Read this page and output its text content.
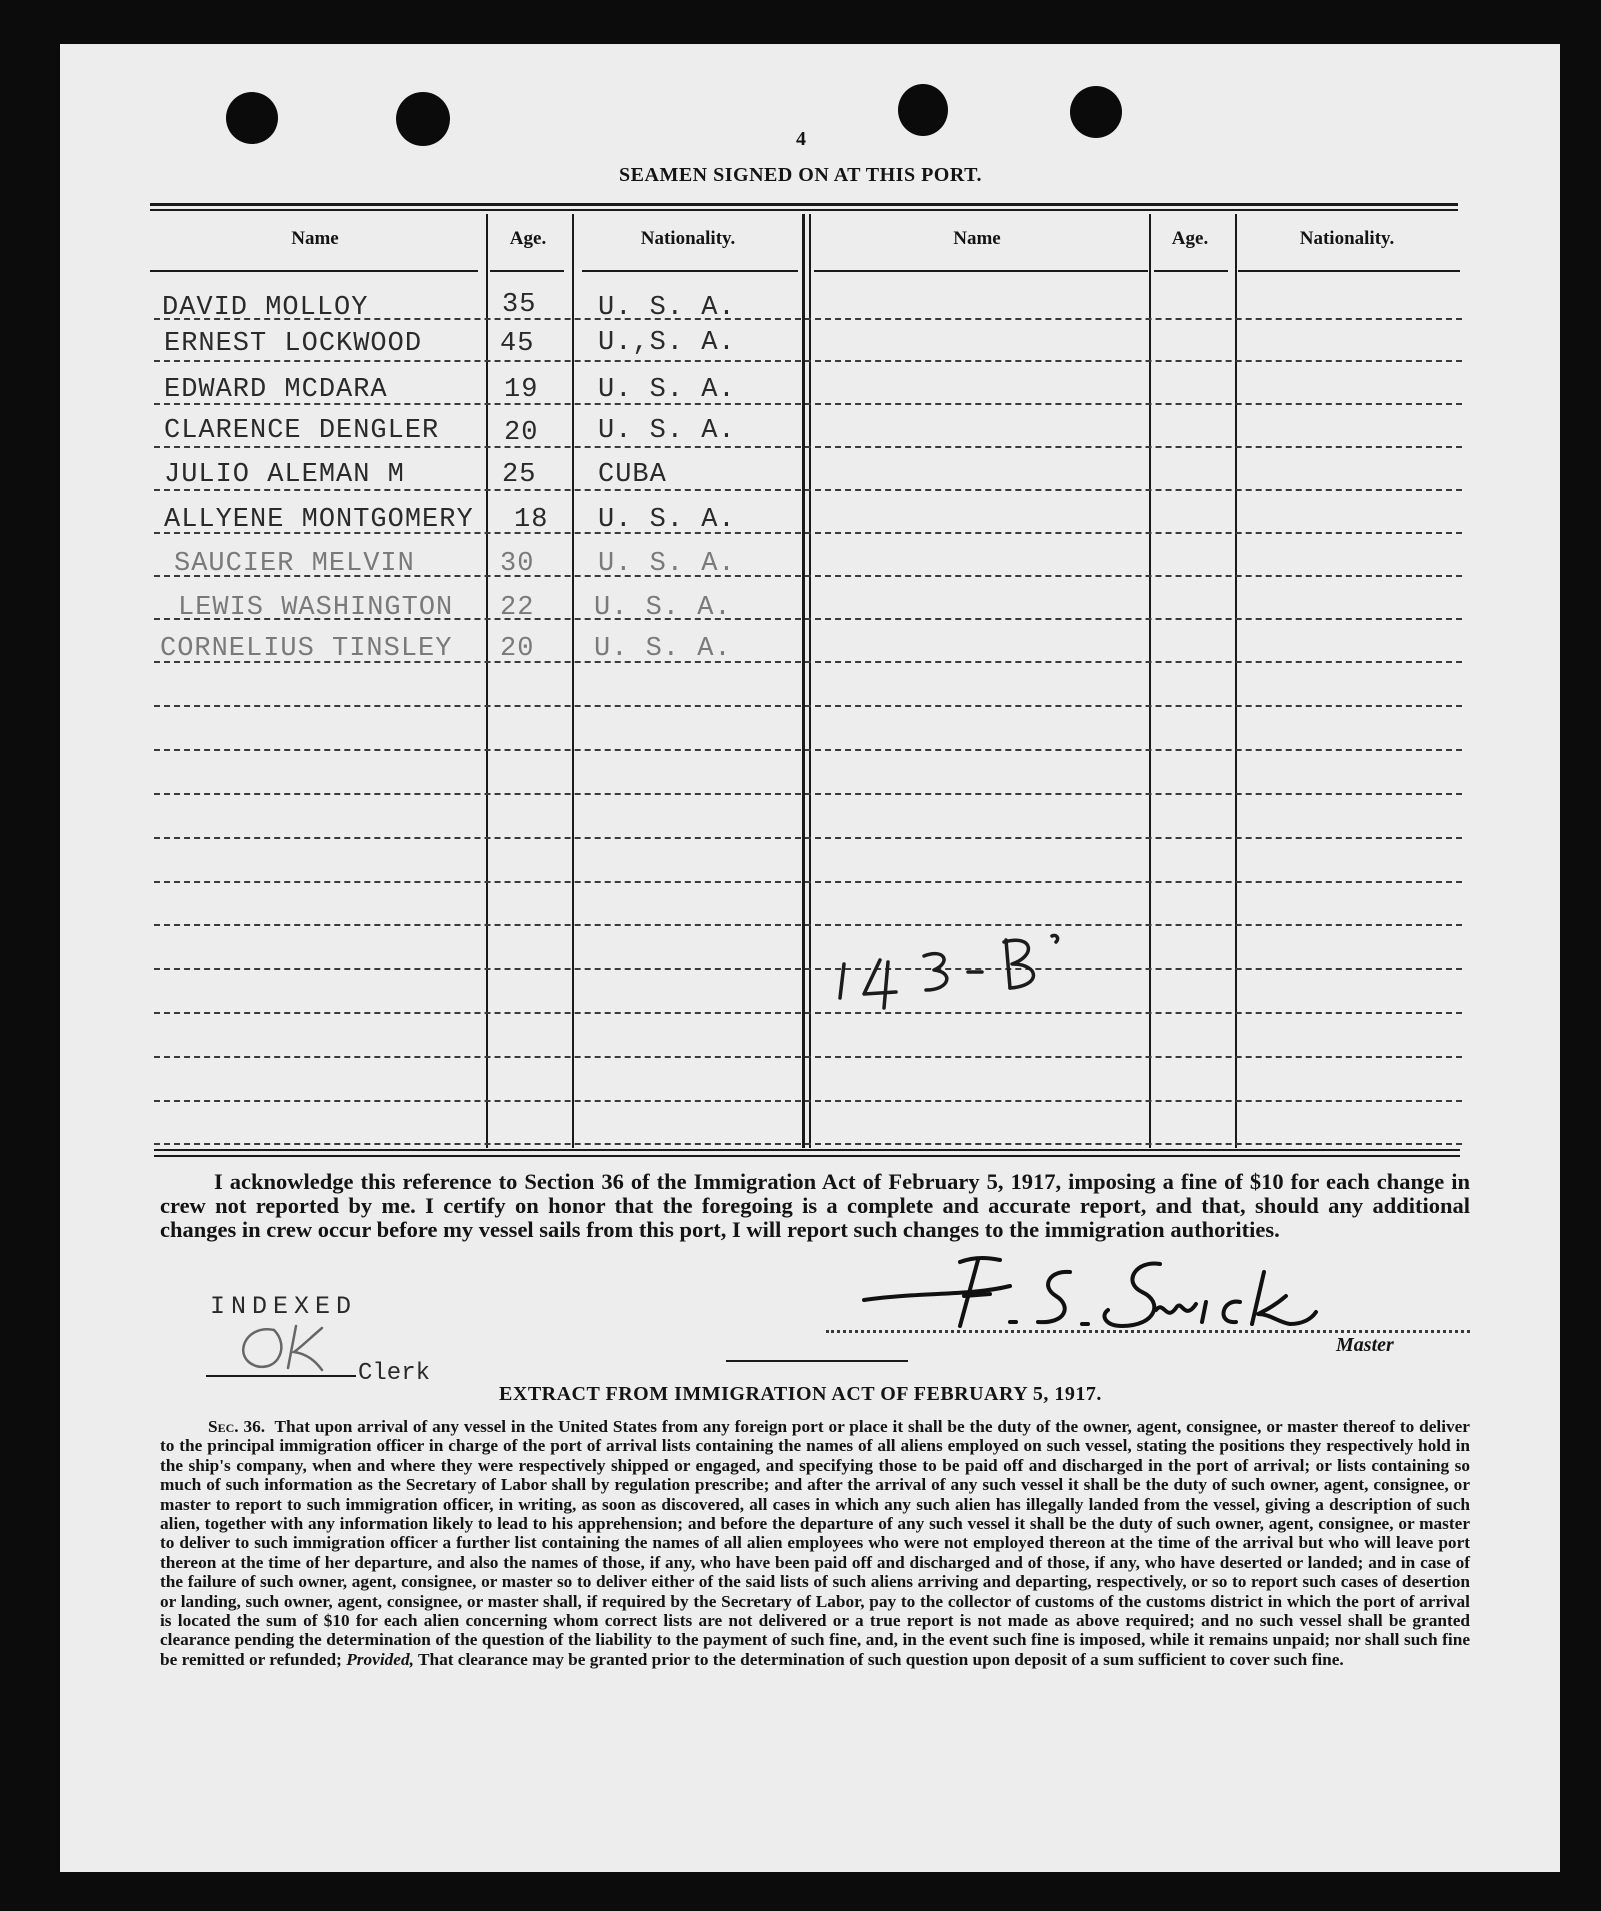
4
SEAMEN SIGNED ON AT THIS PORT.
Name	Age.	Nationality.	Name	Age.	Nationality.
DAVID MOLLOY	35 U. S. A.
ERNEST LOCKWOOD	45 U.,S. A.
EDWARD MCDARA	19 U. S. A.
CLARENCE DENGLER 20 U. S. A.
JULIO ALEMAN M	25 CUBA
ALLYENE MONTGOMERY 18 U. S. A.
SAUCIER MELVIN	30 U. S. A.
LEWIS WASHINGTON 22 U. S. A.
CORNELIUS TINSLEY 20 U. S. A.

I acknowledge this reference to Section 36 of the Immigration Act of February 5, 1917, imposing a fine of $10 for each change in crew not reported by me. I certify on honor that the foregoing is a complete and accurate report, and that, should any additional changes in crew occur before my vessel sails from this port, I will report such changes to the immigration authorities.

INDEXED
Clerk
Master
EXTRACT FROM IMMIGRATION ACT OF FEBRUARY 5, 1917.

Sec. 36. That upon arrival of any vessel in the United States from any foreign port or place it shall be the duty of the owner, agent, consignee, or master thereof to deliver to the principal immigration officer in charge of the port of arrival lists containing the names of all aliens employed on such vessel, stating the positions they respectively hold in the ship's company, when and where they were respectively shipped or engaged, and specifying those to be paid off and discharged in the port of arrival; or lists containing so much of such information as the Secretary of Labor shall by regulation prescribe; and after the arrival of any such vessel it shall be the duty of such owner, agent, consignee, or master to report to such immigration officer, in writing, as soon as discovered, all cases in which any such alien has illegally landed from the vessel, giving a description of such alien, together with any information likely to lead to his apprehension; and before the departure of any such vessel it shall be the duty of such owner, agent, consignee, or master to deliver to such immigration officer a further list containing the names of all alien employees who were not employed thereon at the time of the arrival but who will leave port thereon at the time of her departure, and also the names of those, if any, who have been paid off and discharged and of those, if any, who have deserted or landed; and in case of the failure of such owner, agent, consignee, or master so to deliver either of the said lists of such aliens arriving and departing, respectively, or so to report such cases of desertion or landing, such owner, agent, consignee, or master shall, if required by the Secretary of Labor, pay to the collector of customs of the customs district in which the port of arrival is located the sum of $10 for each alien concerning whom correct lists are not delivered or a true report is not made as above required; and no such vessel shall be granted clearance pending the determination of the question of the liability to the payment of such fine, and, in the event such fine is imposed, while it remains unpaid; nor shall such fine be remitted or refunded; Provided, That clearance may be granted prior to the determination of such question upon deposit of a sum sufficient to cover such fine.
